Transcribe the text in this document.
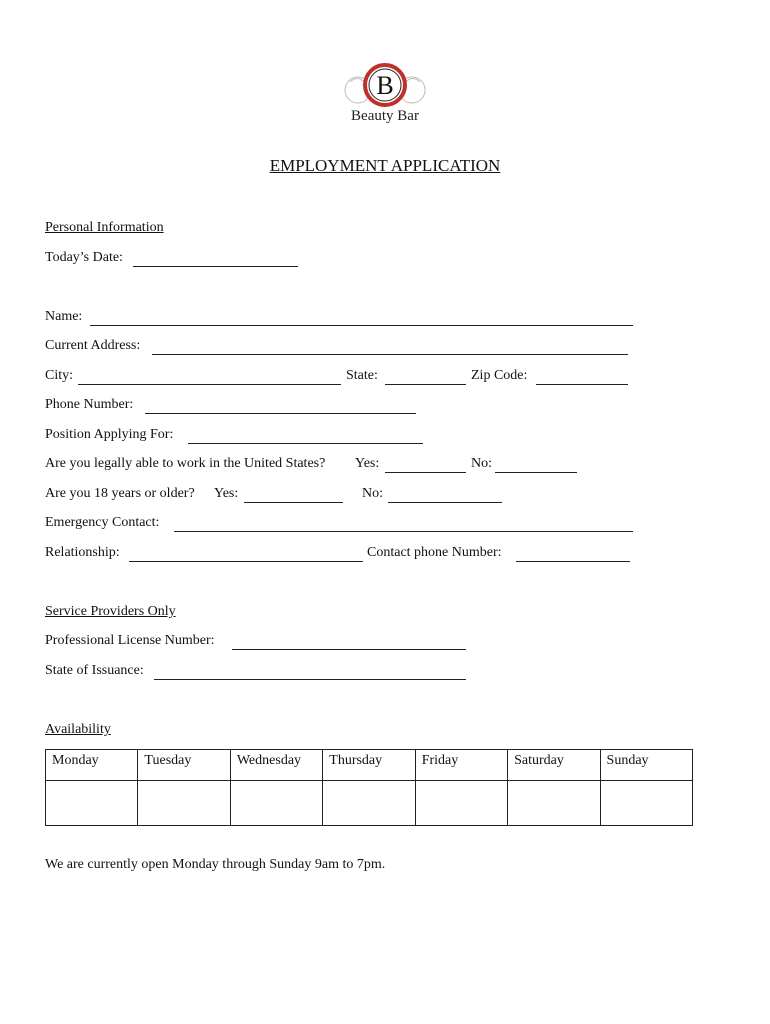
B
Beauty Bar
EMPLOYMENT APPLICATION
Personal Information
Today’s Date:
Name:
Current Address:
City:	State:	Zip Code:
Phone Number:
Position Applying For:
Are you legally able to work in the United States? Yes:	No:
Are you 18 years or older? Yes:	No:
Emergency Contact:
Relationship:	Contact phone Number:
Service Providers Only
Professional License Number:
State of Issuance:
Availability
Monday	Tuesday	Wednesday	Thursday	Friday	Saturday	Sunday

We are currently open Monday through Sunday 9am to 7pm.
